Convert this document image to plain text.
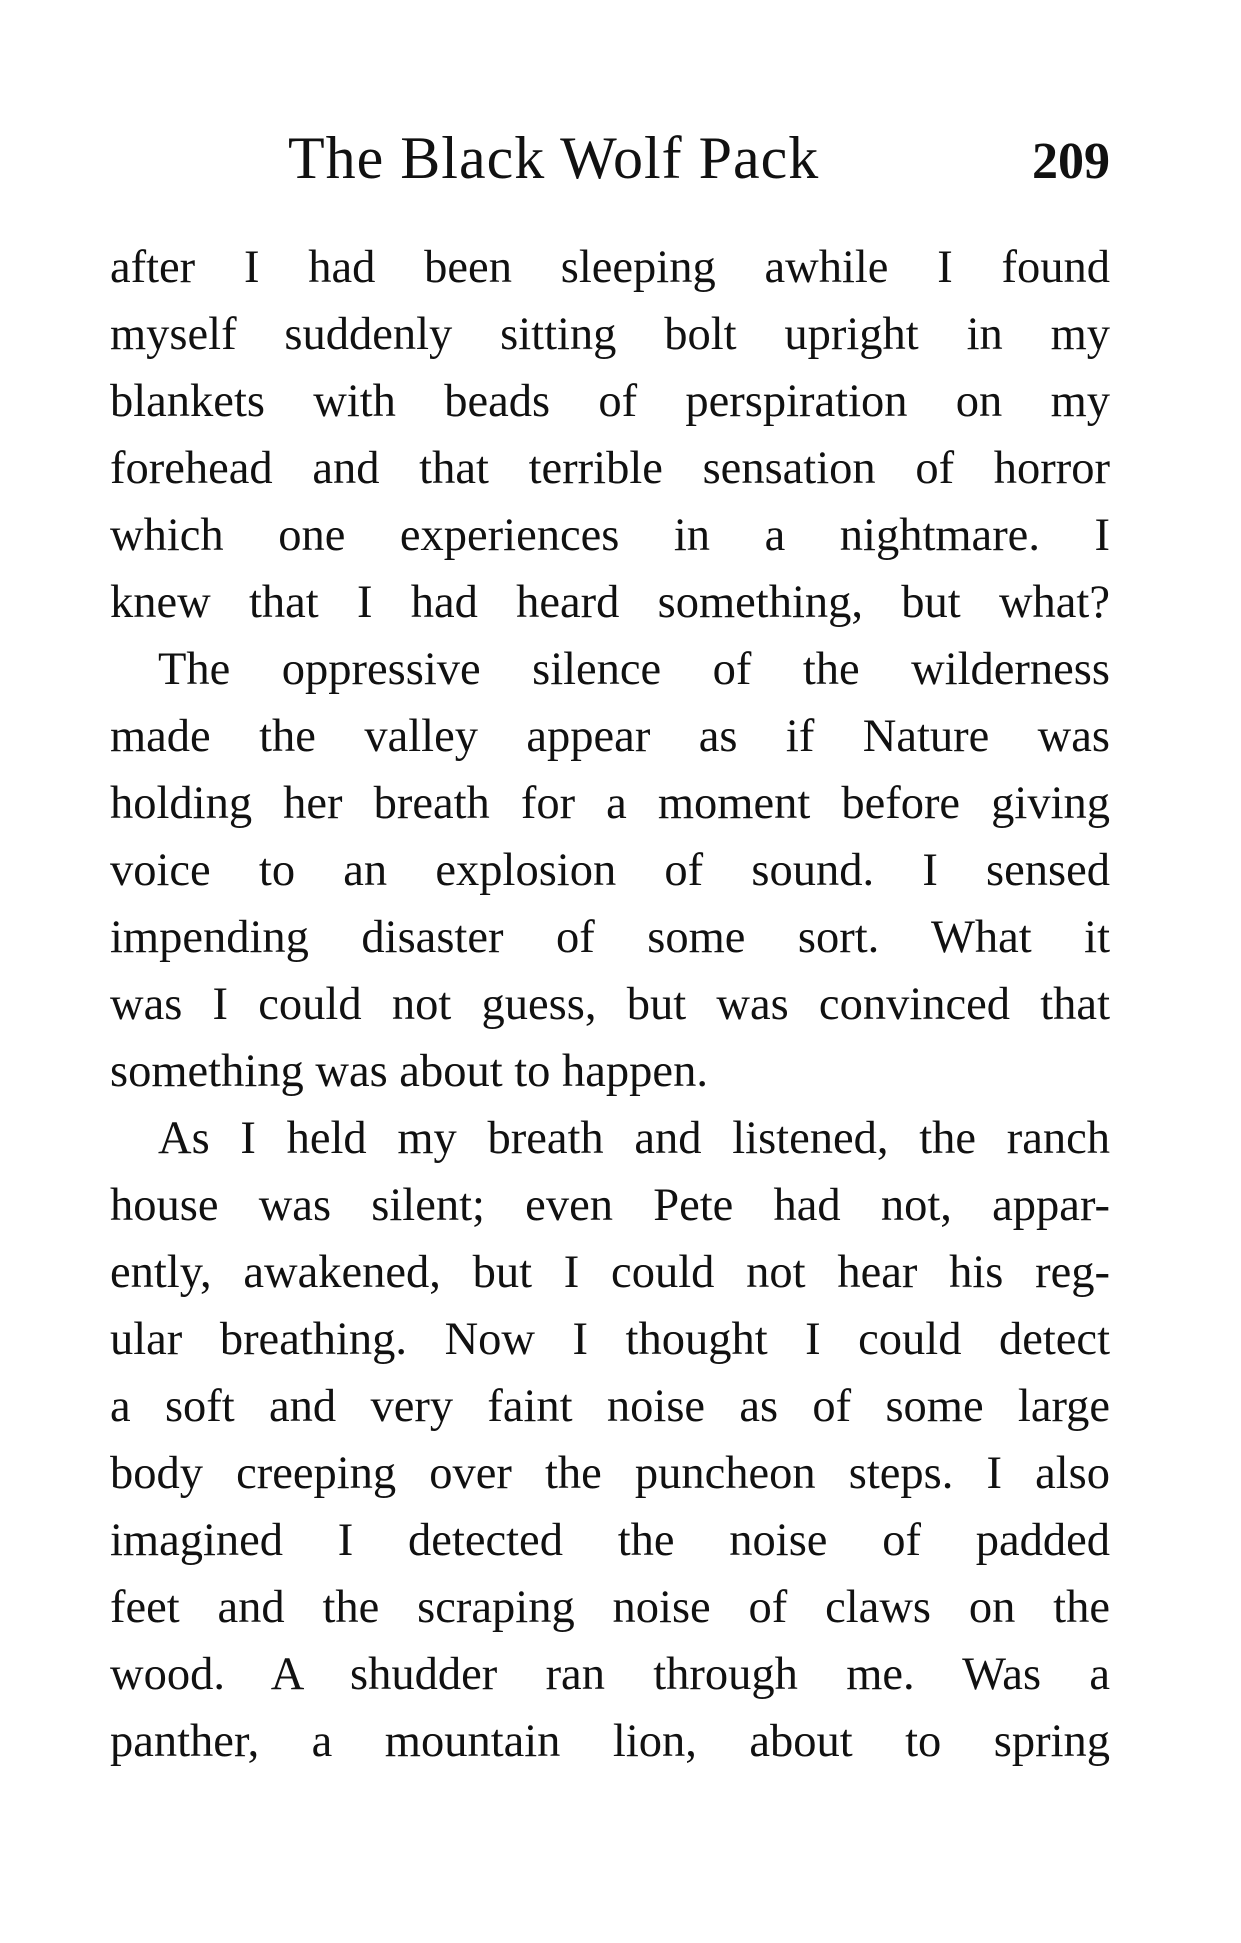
The Black Wolf Pack	209
after I had been sleeping awhile I found
myself suddenly sitting bolt upright in my
blankets with beads of perspiration on my
forehead and that terrible sensation of horror
which one experiences in a nightmare. I
knew that I had heard something, but what?
The oppressive silence of the wilderness
made the valley appear as if Nature was
holding her breath for a moment before giving
voice to an explosion of sound. I sensed
impending disaster of some sort. What it
was I could not guess, but was convinced that
something was about to happen.
As I held my breath and listened, the ranch
house was silent; even Pete had not, appar-
ently, awakened, but I could not hear his reg-
ular breathing. Now I thought I could detect
a soft and very faint noise as of some large
body creeping over the puncheon steps. I also
imagined I detected the noise of padded
feet and the scraping noise of claws on the
wood. A shudder ran through me. Was a
panther, a mountain lion, about to spring
